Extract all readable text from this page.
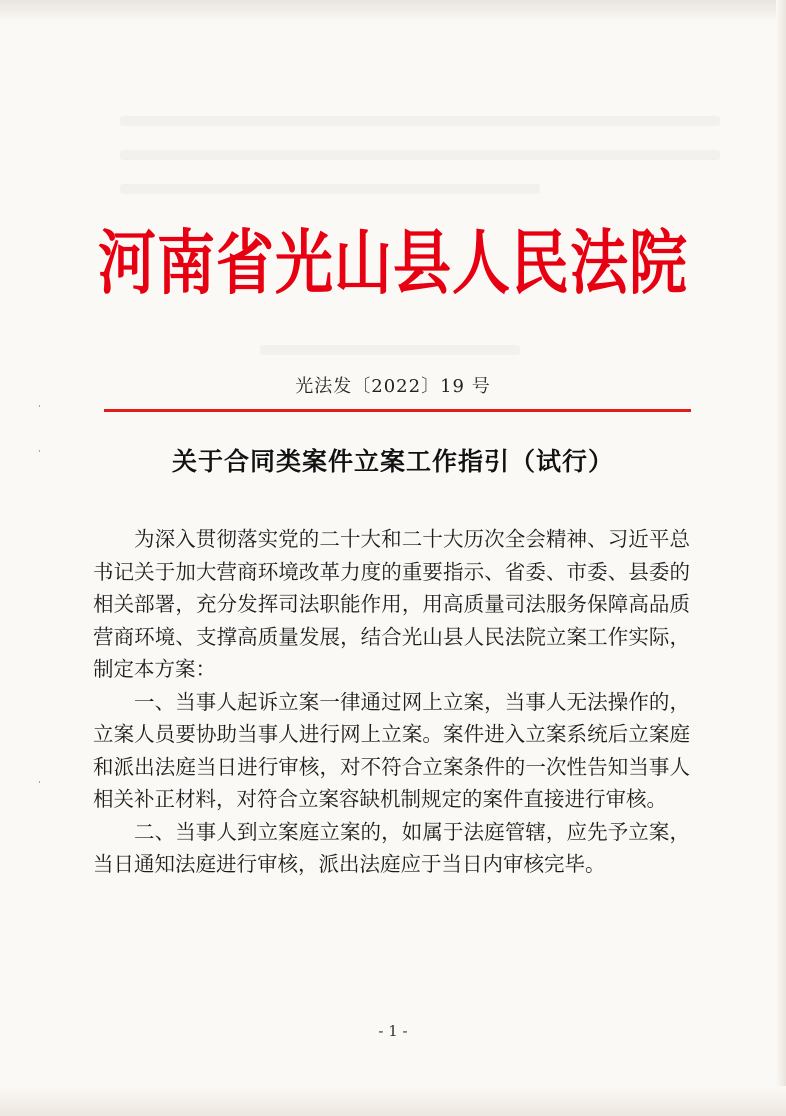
·
·
·
河南省光山县人民法院
光法发〔2022〕19 号
关于合同类案件立案工作指引（试行）

为深入贯彻落实党的二十大和二十大历次全会精神、习近平总书记关于加大营商环境改革力度的重要指示、省委、市委、县委的相关部署，充分发挥司法职能作用，用高质量司法服务保障高品质营商环境、支撑高质量发展，结合光山县人民法院立案工作实际，制定本方案：

一、当事人起诉立案一律通过网上立案，当事人无法操作的，立案人员要协助当事人进行网上立案。案件进入立案系统后立案庭和派出法庭当日进行审核，对不符合立案条件的一次性告知当事人相关补正材料，对符合立案容缺机制规定的案件直接进行审核。

二、当事人到立案庭立案的，如属于法庭管辖，应先予立案，当日通知法庭进行审核，派出法庭应于当日内审核完毕。

- 1 -
